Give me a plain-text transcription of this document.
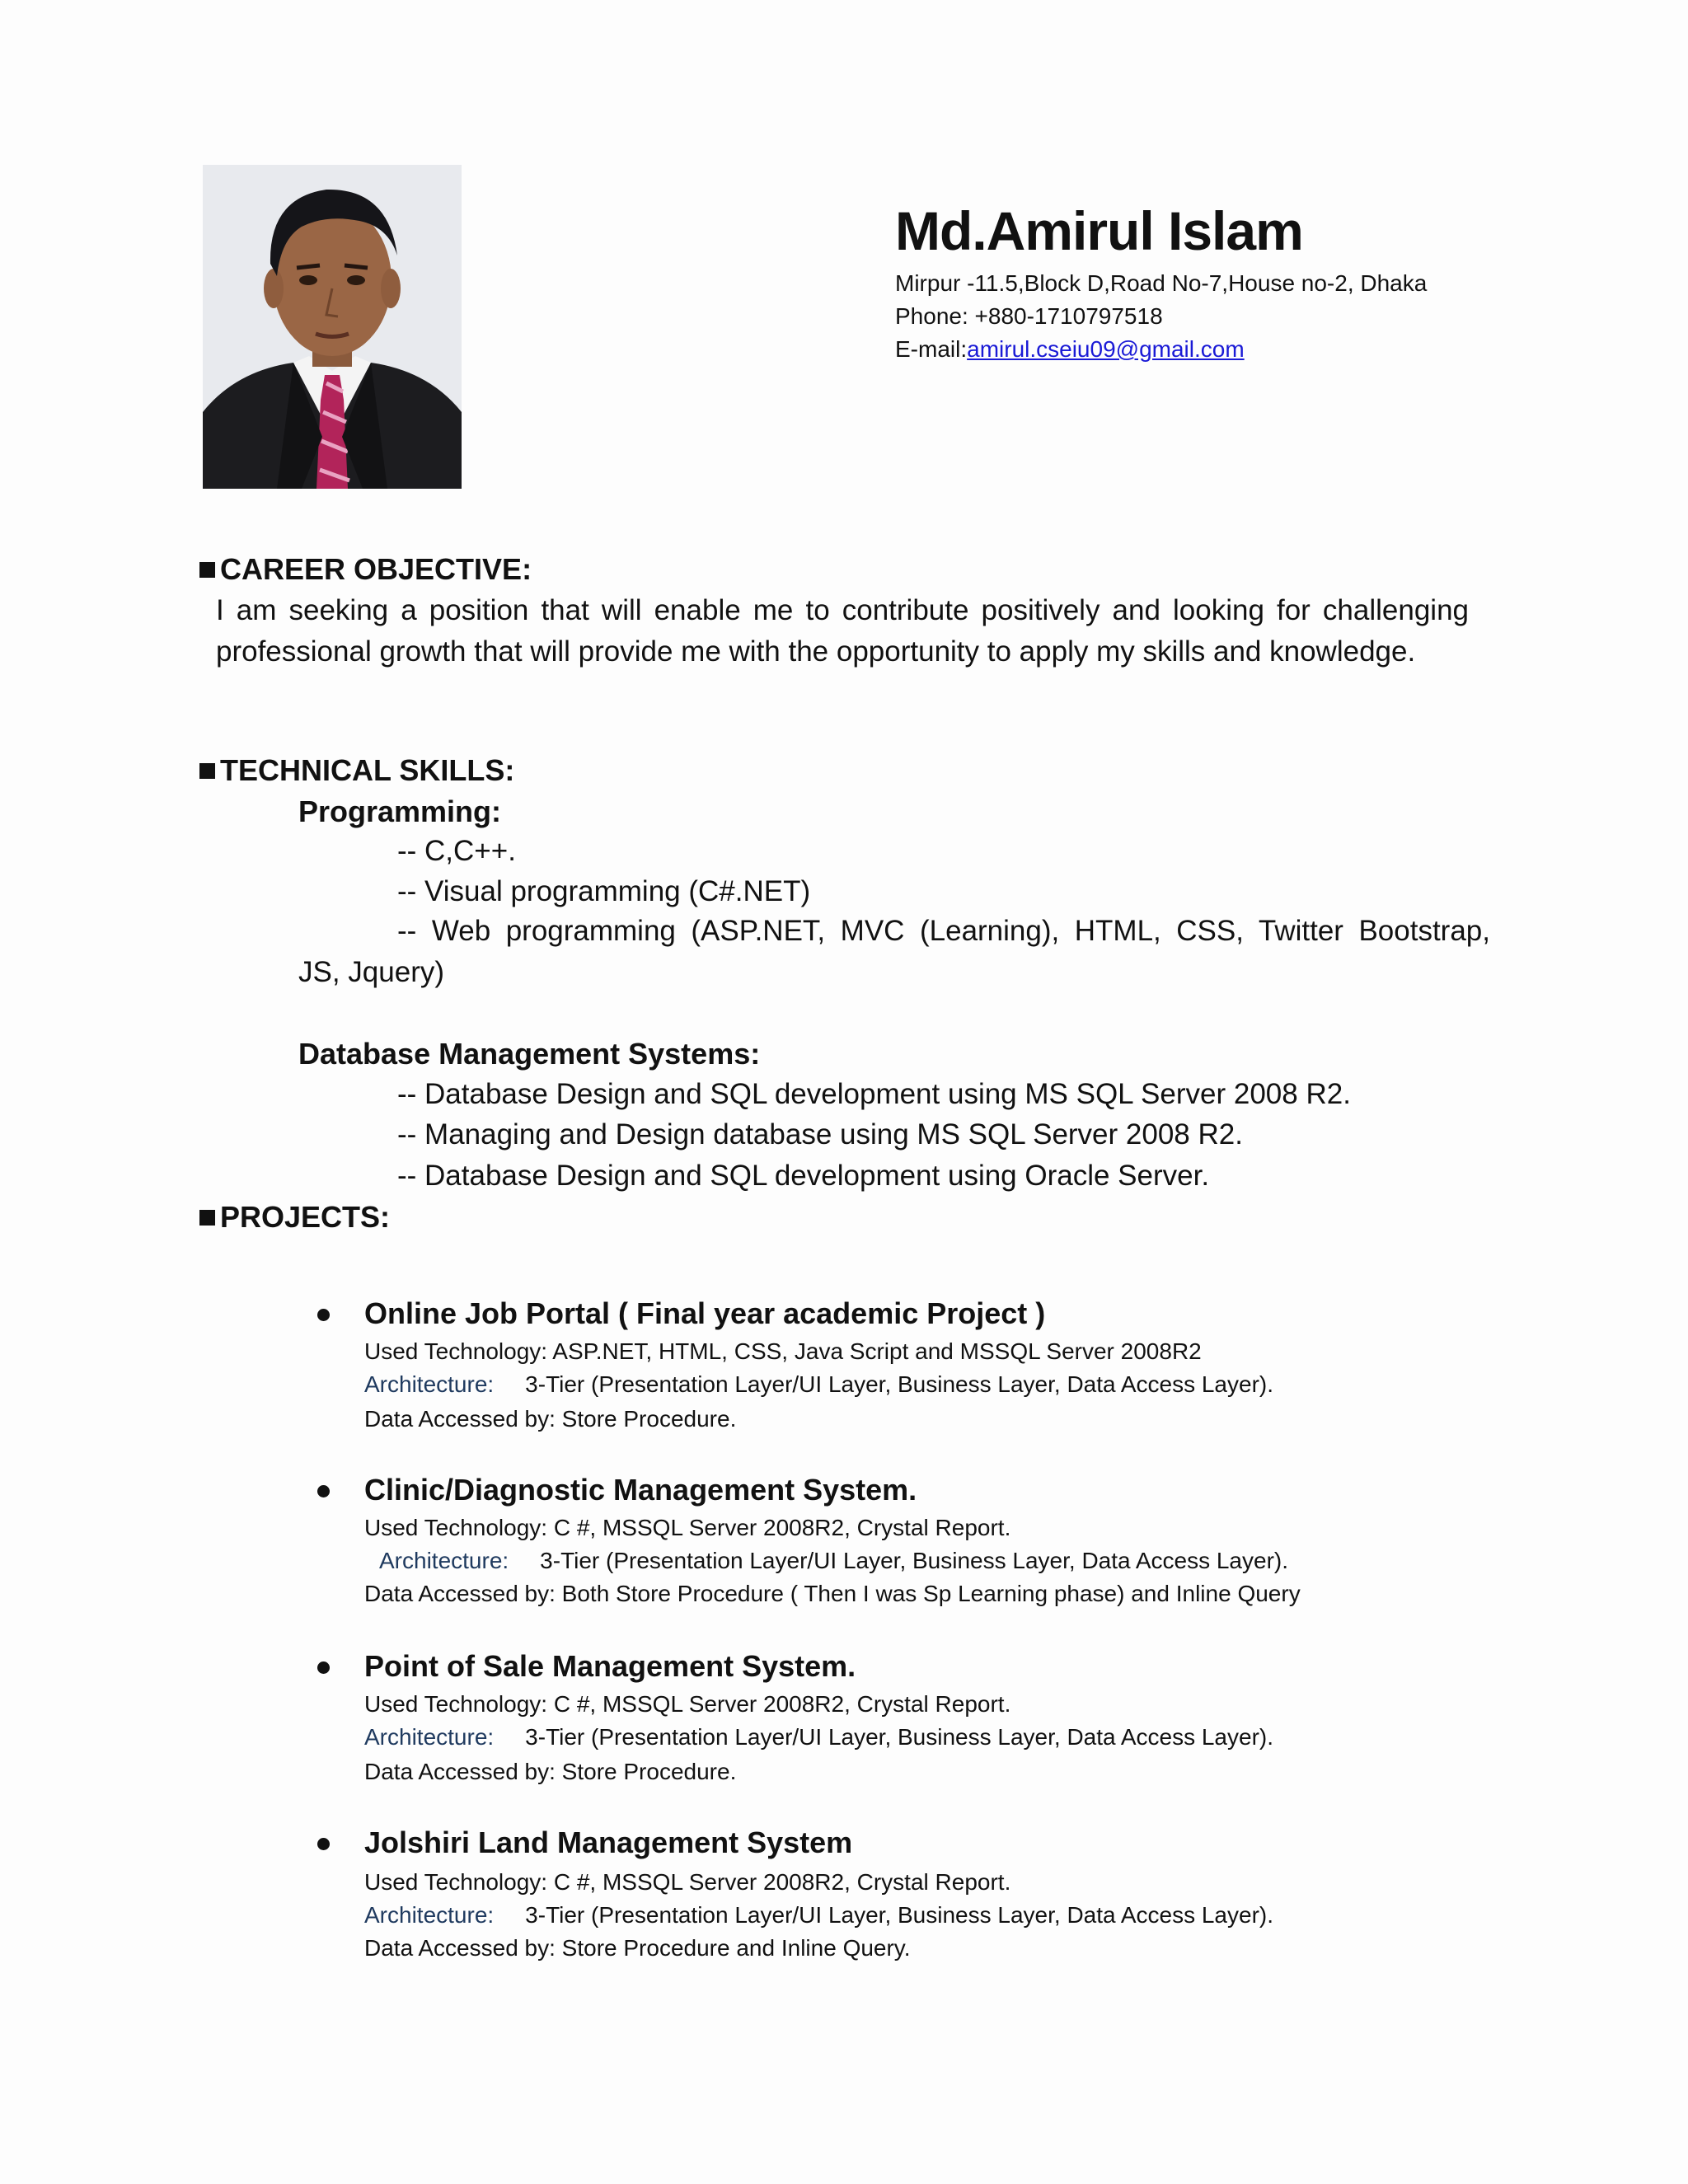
Md.Amirul Islam
Mirpur -11.5,Block D,Road No-7,House no-2, Dhaka
Phone: +880-1710797518
E-mail:amirul.cseiu09@gmail.com
CAREER OBJECTIVE:
I am seeking a position that will enable me to contribute positively and looking for challenging professional growth that will provide me with the opportunity to apply my skills and knowledge.
TECHNICAL SKILLS:
Programming:
-- C,C++.
-- Visual programming (C#.NET)
-- Web programming (ASP.NET, MVC (Learning), HTML, CSS, Twitter Bootstrap,
JS, Jquery)
Database Management Systems:
-- Database Design and SQL development using MS SQL Server 2008 R2.
-- Managing and Design database using MS SQL Server 2008 R2.
-- Database Design and SQL development using Oracle Server.
PROJECTS:
Online Job Portal ( Final year academic Project )
Used Technology: ASP.NET, HTML, CSS, Java Script and MSSQL Server 2008R2
Architecture: 3-Tier (Presentation Layer/UI Layer, Business Layer, Data Access Layer).
Data Accessed by: Store Procedure.
Clinic/Diagnostic Management System.
Used Technology: C #, MSSQL Server 2008R2, Crystal Report.
Architecture: 3-Tier (Presentation Layer/UI Layer, Business Layer, Data Access Layer).
Data Accessed by: Both Store Procedure ( Then I was Sp Learning phase) and Inline Query
Point of Sale Management System.
Used Technology: C #, MSSQL Server 2008R2, Crystal Report.
Architecture: 3-Tier (Presentation Layer/UI Layer, Business Layer, Data Access Layer).
Data Accessed by: Store Procedure.
Jolshiri Land Management System
Used Technology: C #, MSSQL Server 2008R2, Crystal Report.
Architecture: 3-Tier (Presentation Layer/UI Layer, Business Layer, Data Access Layer).
Data Accessed by: Store Procedure and Inline Query.
